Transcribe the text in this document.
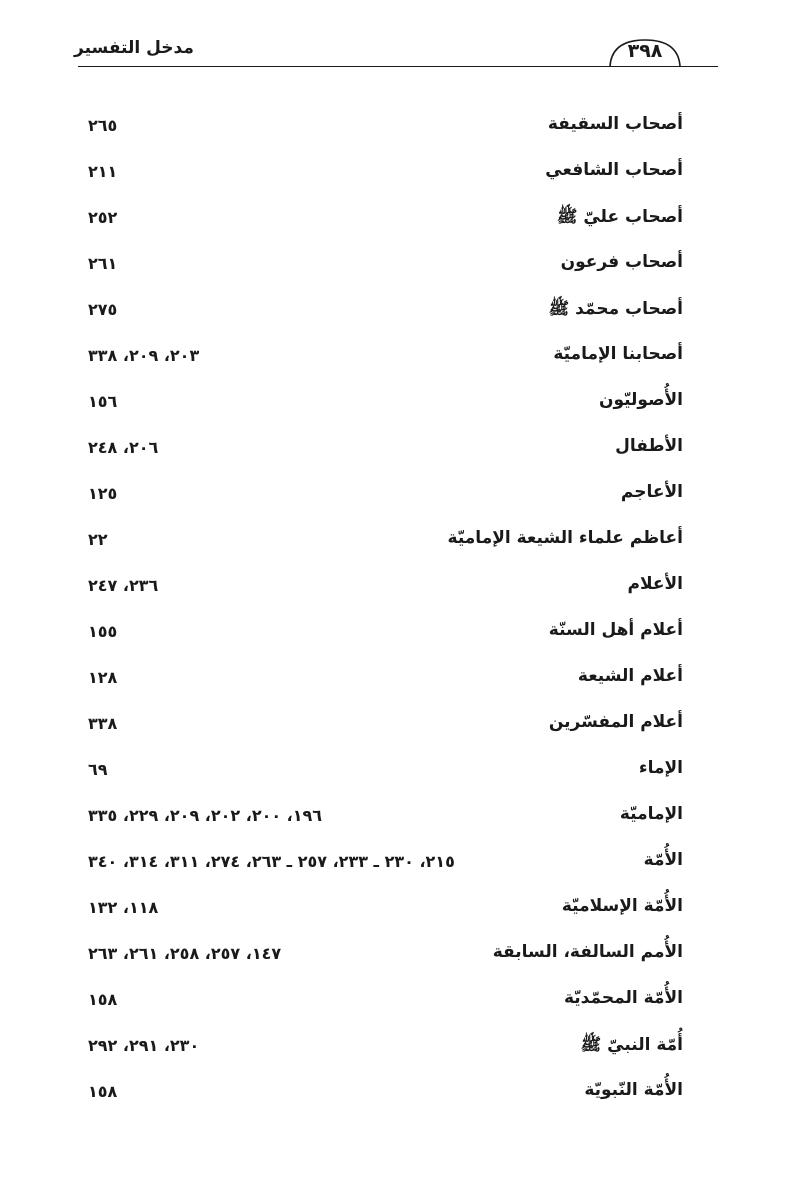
مدخل التفسير	٣٩٨
أصحاب السقيفة
٢٦٥
أصحاب الشافعي
٢١١
أصحاب عليّ ﷺ
٢٥٢
أصحاب فرعون
٢٦١
أصحاب محمّد ﷺ
٢٧٥
أصحابنا الإماميّة
٢٠٣، ٢٠٩، ٣٣٨
الأُصوليّون
١٥٦
الأطفال
٢٠٦، ٢٤٨
الأعاجم
١٢٥
أعاظم علماء الشيعة الإماميّة
٢٢
الأعلام
٢٣٦، ٢٤٧
أعلام أهل السنّة
١٥٥
أعلام الشيعة
١٢٨
أعلام المفسّرين
٣٣٨
الإماء
٦٩
الإماميّة
١٩٦، ٢٠٠، ٢٠٢، ٢٠٩، ٢٢٩، ٣٣٥
الأُمّة
٢١٥، ٢٣٠ ـ ٢٣٣، ٢٥٧ ـ ٢٦٣، ٢٧٤، ٣١١، ٣١٤، ٣٤٠
الأُمّة الإسلاميّة
١١٨، ١٣٢
الأُمم السالفة، السابقة
١٤٧، ٢٥٧، ٢٥٨، ٢٦١، ٢٦٣
الأُمّة المحمّديّة
١٥٨
أُمّة النبيّ ﷺ
٢٣٠، ٢٩١، ٢٩٢
الأُمّة النّبويّة
١٥٨
